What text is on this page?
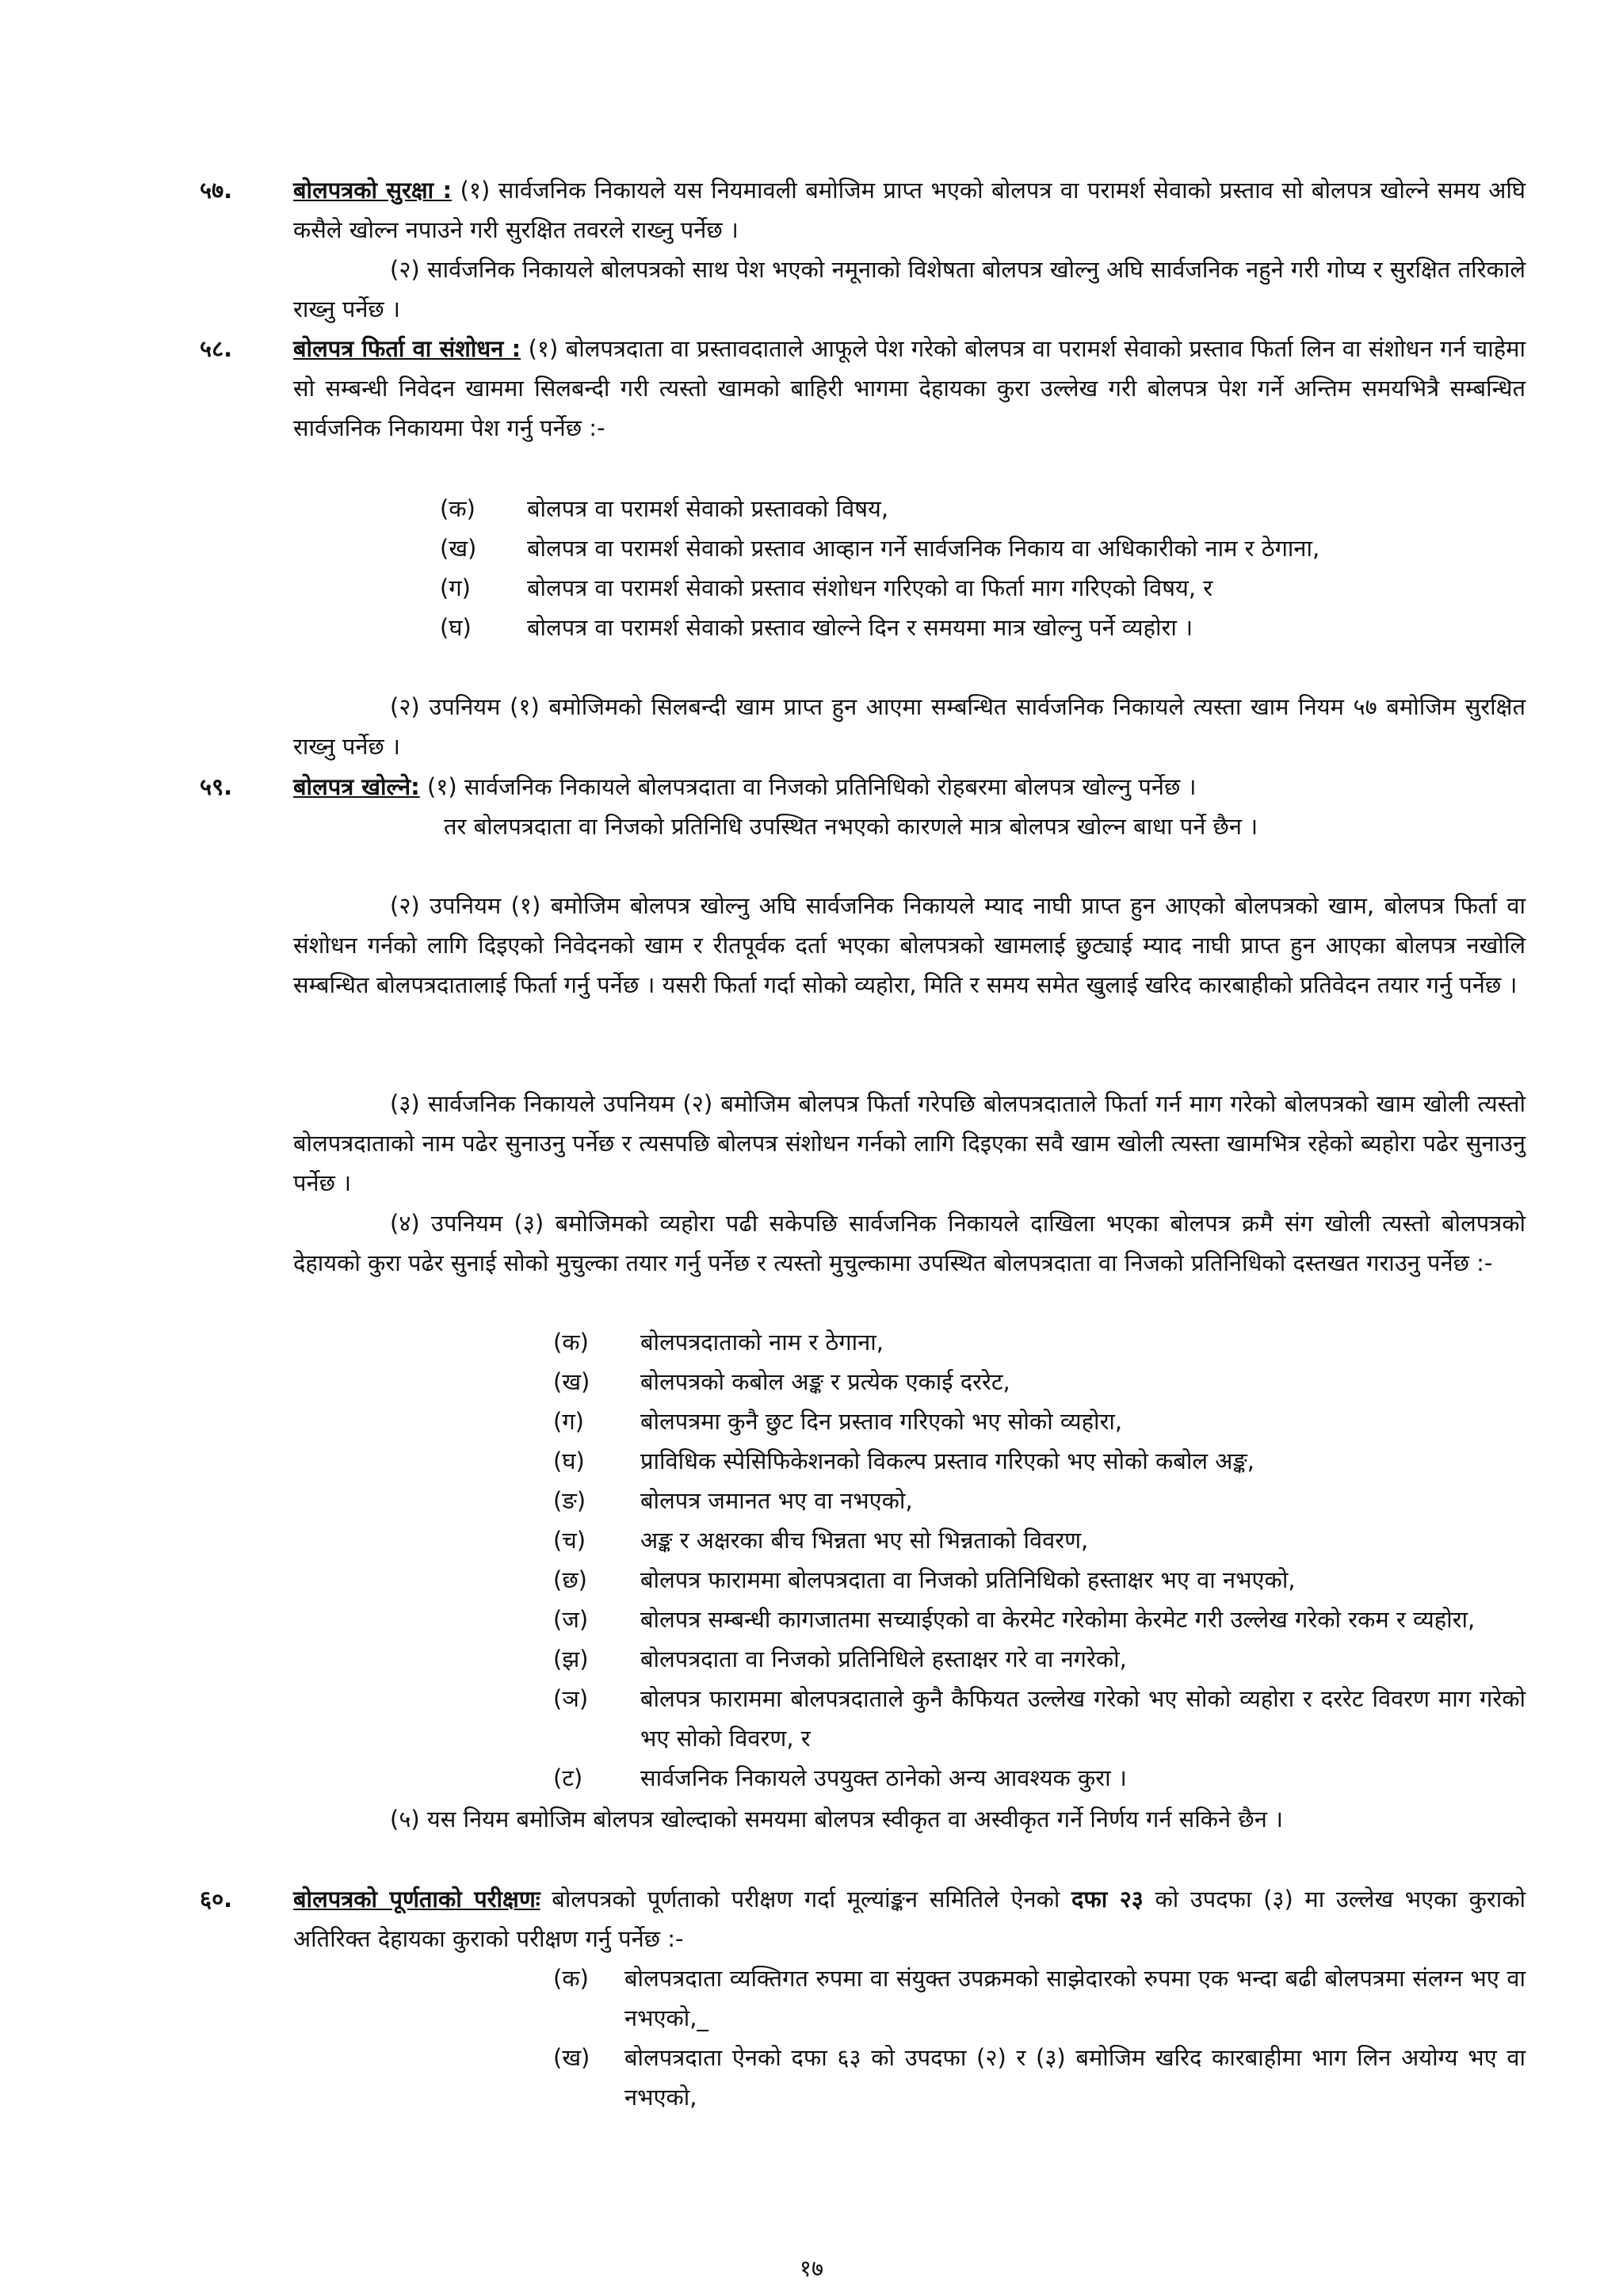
५७.	बोलपत्रको सुरक्षा : (१) सार्वजनिक निकायले यस नियमावली बमोजिम प्राप्त भएको बोलपत्र वा परामर्श सेवाको प्रस्ताव सो बोलपत्र खोल्ने समय अघि कसैले खोल्न नपाउने गरी सुरक्षित तवरले राख्नु पर्नेछ ।

(२) सार्वजनिक निकायले बोलपत्रको साथ पेश भएको नमूनाको विशेषता बोलपत्र खोल्नु अघि सार्वजनिक नहुने गरी गोप्य र सुरक्षित तरिकाले राख्नु पर्नेछ ।

५८.	बोलपत्र फिर्ता वा संशोधन : (१) बोलपत्रदाता वा प्रस्तावदाताले आफूले पेश गरेको बोलपत्र वा परामर्श सेवाको प्रस्ताव फिर्ता लिन वा संशोधन गर्न चाहेमा सो सम्बन्धी निवेदन खाममा सिलबन्दी गरी त्यस्तो खामको बाहिरी भागमा देहायका कुरा उल्लेख गरी बोलपत्र पेश गर्ने अन्तिम समयभित्रै सम्बन्धित सार्वजनिक निकायमा पेश गर्नु पर्नेछ :-

(क)	बोलपत्र वा परामर्श सेवाको प्रस्तावको विषय,
(ख)	बोलपत्र वा परामर्श सेवाको प्रस्ताव आव्हान गर्ने सार्वजनिक निकाय वा अधिकारीको नाम र ठेगाना,
(ग)	बोलपत्र वा परामर्श सेवाको प्रस्ताव संशोधन गरिएको वा फिर्ता माग गरिएको विषय, र
(घ)	बोलपत्र वा परामर्श सेवाको प्रस्ताव खोल्ने दिन र समयमा मात्र खोल्नु पर्ने व्यहोरा ।

(२) उपनियम (१) बमोजिमको सिलबन्दी खाम प्राप्त हुन आएमा सम्बन्धित सार्वजनिक निकायले त्यस्ता खाम नियम ५७ बमोजिम सुरक्षित राख्नु पर्नेछ ।

५९.	बोलपत्र खोल्ने: (१) सार्वजनिक निकायले बोलपत्रदाता वा निजको प्रतिनिधिको रोहबरमा बोलपत्र खोल्नु पर्नेछ ।

तर बोलपत्रदाता वा निजको प्रतिनिधि उपस्थित नभएको कारणले मात्र बोलपत्र खोल्न बाधा पर्ने छैन ।

(२) उपनियम (१) बमोजिम बोलपत्र खोल्नु अघि सार्वजनिक निकायले म्याद नाघी प्राप्त हुन आएको बोलपत्रको खाम, बोलपत्र फिर्ता वा संशोधन गर्नको लागि दिइएको निवेदनको खाम र रीतपूर्वक दर्ता भएका बोलपत्रको खामलाई छुट्याई म्याद नाघी प्राप्त हुन आएका बोलपत्र नखोलि सम्बन्धित बोलपत्रदातालाई फिर्ता गर्नु पर्नेछ । यसरी फिर्ता गर्दा सोको व्यहोरा, मिति र समय समेत खुलाई खरिद कारबाहीको प्रतिवेदन तयार गर्नु पर्नेछ ।

(३) सार्वजनिक निकायले उपनियम (२) बमोजिम बोलपत्र फिर्ता गरेपछि बोलपत्रदाताले फिर्ता गर्न माग गरेको बोलपत्रको खाम खोली त्यस्तो बोलपत्रदाताको नाम पढेर सुनाउनु पर्नेछ र त्यसपछि बोलपत्र संशोधन गर्नको लागि दिइएका सवै खाम खोली त्यस्ता खामभित्र रहेको ब्यहोरा पढेर सुनाउनु पर्नेछ ।

(४) उपनियम (३) बमोजिमको व्यहोरा पढी सकेपछि सार्वजनिक निकायले दाखिला भएका बोलपत्र क्रमै संग खोली त्यस्तो बोलपत्रको देहायको कुरा पढेर सुनाई सोको मुचुल्का तयार गर्नु पर्नेछ र त्यस्तो मुचुल्कामा उपस्थित बोलपत्रदाता वा निजको प्रतिनिधिको दस्तखत गराउनु पर्नेछ :-

(क)	बोलपत्रदाताको नाम र ठेगाना,
(ख)	बोलपत्रको कबोल अङ्क र प्रत्येक एकाई दररेट,
(ग)	बोलपत्रमा कुनै छुट दिन प्रस्ताव गरिएको भए सोको व्यहोरा,
(घ)	प्राविधिक स्पेसिफिकेशनको विकल्प प्रस्ताव गरिएको भए सोको कबोल अङ्क,
(ङ)	बोलपत्र जमानत भए वा नभएको,
(च)	अङ्क र अक्षरका बीच भिन्नता भए सो भिन्नताको विवरण,
(छ)	बोलपत्र फाराममा बोलपत्रदाता वा निजको प्रतिनिधिको हस्ताक्षर भए वा नभएको,
(ज)	बोलपत्र सम्बन्धी कागजातमा सच्याईएको वा केरमेट गरेकोमा केरमेट गरी उल्लेख गरेको रकम र व्यहोरा,
(झ)	बोलपत्रदाता वा निजको प्रतिनिधिले हस्ताक्षर गरे वा नगरेको,
(ञ)	बोलपत्र फाराममा बोलपत्रदाताले कुनै कैफियत उल्लेख गरेको भए सोको व्यहोरा र दररेट विवरण माग गरेको भए सोको विवरण, र
(ट)	सार्वजनिक निकायले उपयुक्त ठानेको अन्य आवश्यक कुरा ।

(५) यस नियम बमोजिम बोलपत्र खोल्दाको समयमा बोलपत्र स्वीकृत वा अस्वीकृत गर्ने निर्णय गर्न सकिने छैन ।

६०.	बोलपत्रको पूर्णताको परीक्षणः बोलपत्रको पूर्णताको परीक्षण गर्दा मूल्यांङ्कन समितिले ऐनको दफा २३ को उपदफा (३) मा उल्लेख भएका कुराको अतिरिक्त देहायका कुराको परीक्षण गर्नु पर्नेछ :-

(क)	बोलपत्रदाता व्यक्तिगत रुपमा वा संयुक्त उपक्रमको साझेदारको रुपमा एक भन्दा बढी बोलपत्रमा संलग्न भए वा नभएको,_
(ख)	बोलपत्रदाता ऐनको दफा ६३ को उपदफा (२) र (३) बमोजिम खरिद कारबाहीमा भाग लिन अयोग्य भए वा नभएको,
१७
